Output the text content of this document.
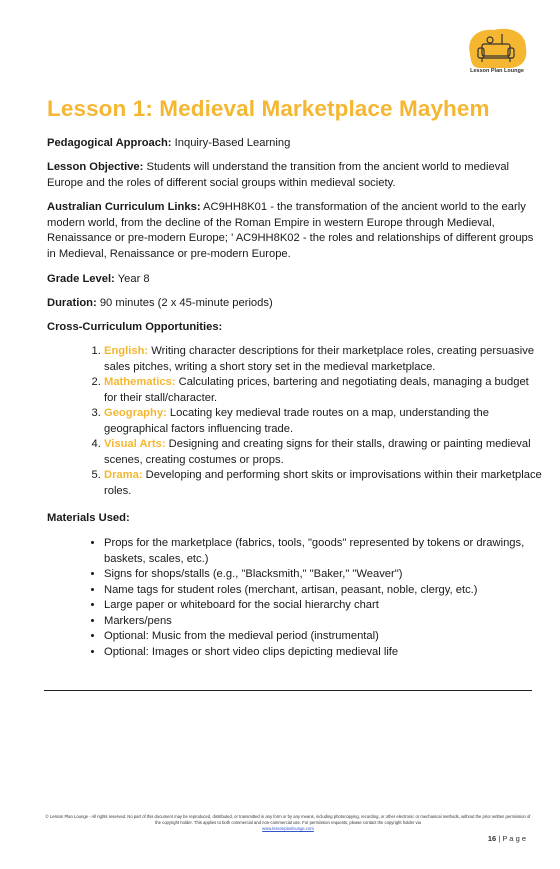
Lesson Plan Lounge
Lesson 1: Medieval Marketplace Mayhem

Pedagogical Approach: Inquiry-Based Learning

Lesson Objective: Students will understand the transition from the ancient world to medieval Europe and the roles of different social groups within medieval society.

Australian Curriculum Links: AC9HH8K01 - the transformation of the ancient world to the early modern world, from the decline of the Roman Empire in western Europe through Medieval, Renaissance or pre-modern Europe; ' AC9HH8K02 - the roles and relationships of different groups in Medieval, Renaissance or pre-modern Europe.

Grade Level: Year 8

Duration: 90 minutes (2 x 45-minute periods)

Cross-Curriculum Opportunities:

1. English: Writing character descriptions for their marketplace roles, creating persuasive sales pitches, writing a short story set in the medieval marketplace.
2. Mathematics: Calculating prices, bartering and negotiating deals, managing a budget for their stall/character.
3. Geography: Locating key medieval trade routes on a map, understanding the geographical factors influencing trade.
4. Visual Arts: Designing and creating signs for their stalls, drawing or painting medieval scenes, creating costumes or props.
5. Drama: Developing and performing short skits or improvisations within their marketplace roles.

Materials Used:

• Props for the marketplace (fabrics, tools, "goods" represented by tokens or drawings, baskets, scales, etc.)
• Signs for shops/stalls (e.g., "Blacksmith," "Baker," "Weaver")
• Name tags for student roles (merchant, artisan, peasant, noble, clergy, etc.)
• Large paper or whiteboard for the social hierarchy chart
• Markers/pens
• Optional: Music from the medieval period (instrumental)
• Optional: Images or short video clips depicting medieval life
© Lesson Plan Lounge - All rights reserved. No part of this document may be reproduced, distributed, or transmitted in any form or by any means, including photocopying, recording, or other electronic or mechanical methods, without the prior written permission of the copyright holder. This applies to both commercial and non-commercial use. For permission requests, please contact the copyright holder via
www.lessonplanlounge.com
16 | P a g e
